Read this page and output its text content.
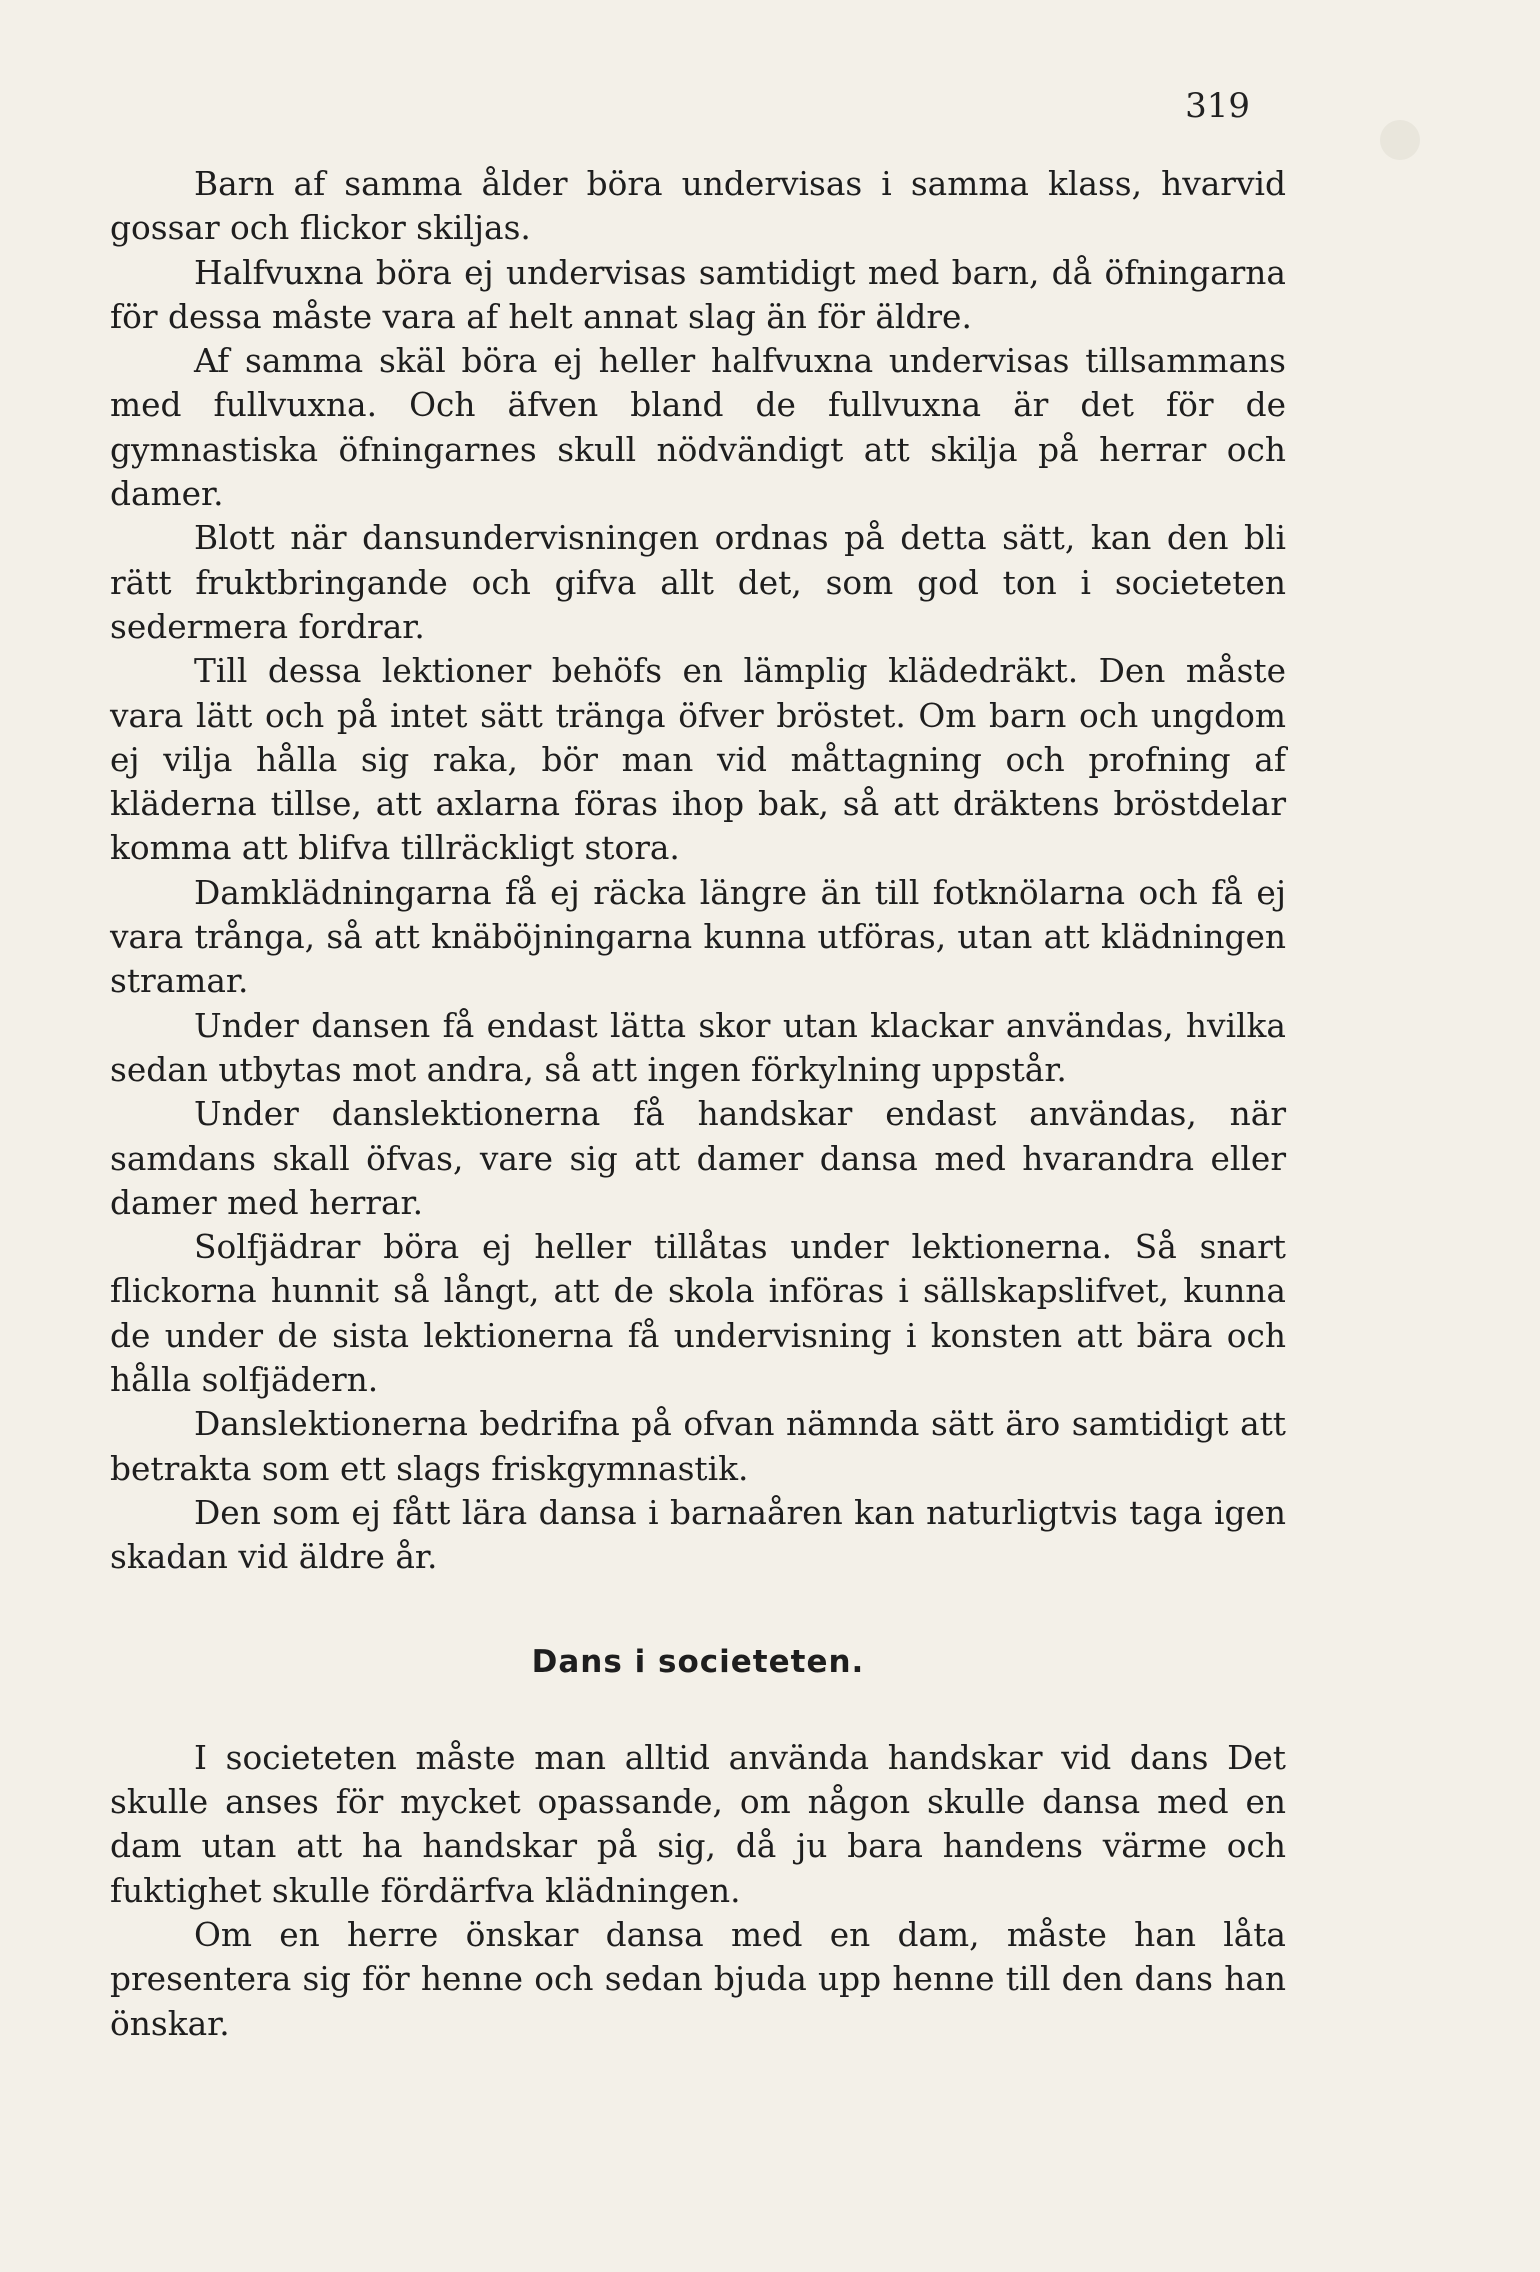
319

Barn af samma ålder böra undervisas i samma klass, hvarvid gossar och flickor skiljas.

Halfvuxna böra ej undervisas samtidigt med barn, då öfningarna för dessa måste vara af helt annat slag än för äldre.

Af samma skäl böra ej heller halfvuxna undervisas tillsammans med fullvuxna. Och äfven bland de fullvuxna är det för de gymnastiska öfningarnes skull nödvändigt att skilja på herrar och damer.

Blott när dansundervisningen ordnas på detta sätt, kan den bli rätt fruktbringande och gifva allt det, som god ton i societeten sedermera fordrar.

Till dessa lektioner behöfs en lämplig klädedräkt. Den måste vara lätt och på intet sätt tränga öfver bröstet. Om barn och ungdom ej vilja hålla sig raka, bör man vid måttagning och profning af kläderna tillse, att axlarna föras ihop bak, så att dräktens bröstdelar komma att blifva tillräckligt stora.

Damklädningarna få ej räcka längre än till fotknölarna och få ej vara trånga, så att knäböjningarna kunna utföras, utan att klädningen stramar.

Under dansen få endast lätta skor utan klackar användas, hvilka sedan utbytas mot andra, så att ingen förkylning uppstår.

Under danslektionerna få handskar endast användas, när samdans skall öfvas, vare sig att damer dansa med hvarandra eller damer med herrar.

Solfjädrar böra ej heller tillåtas under lektionerna. Så snart flickorna hunnit så långt, att de skola införas i sällskapslifvet, kunna de under de sista lektionerna få undervisning i konsten att bära och hålla solfjädern.

Danslektionerna bedrifna på ofvan nämnda sätt äro samtidigt att betrakta som ett slags friskgymnastik.

Den som ej fått lära dansa i barnaåren kan naturligtvis taga igen skadan vid äldre år.

Dans i societeten.

I societeten måste man alltid använda handskar vid dans Det skulle anses för mycket opassande, om någon skulle dansa med en dam utan att ha handskar på sig, då ju bara handens värme och fuktighet skulle fördärfva klädningen.

Om en herre önskar dansa med en dam, måste han låta presentera sig för henne och sedan bjuda upp henne till den dans han önskar.
